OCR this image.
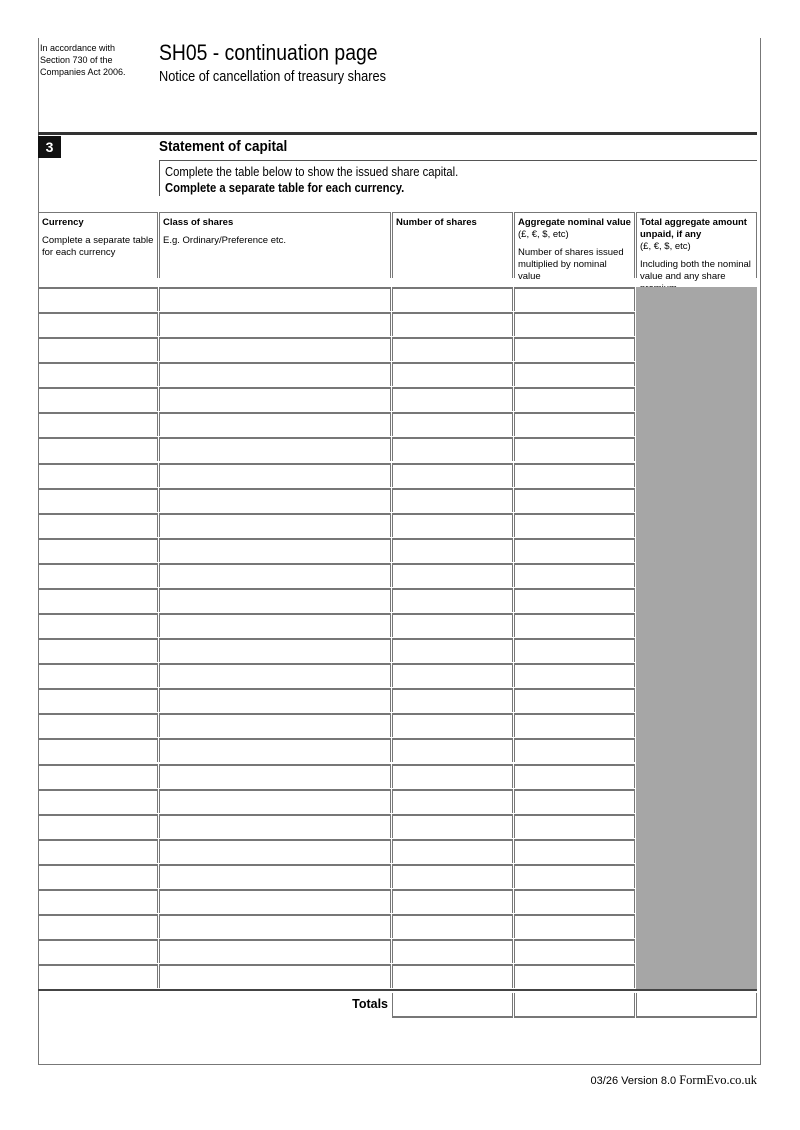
In accordance with
Section 730 of the
Companies Act 2006.
SH05 - continuation page
Notice of cancellation of treasury shares
3	Statement of capital
Complete the table below to show the issued share capital.
Complete a separate table for each currency.
Currency
Complete a separate table for each currency
Class of shares
E.g. Ordinary/Preference etc.
Number of shares	Aggregate nominal value
(£, €, $, etc)
Number of shares issued multiplied by nominal value
Total aggregate amount unpaid, if any
(£, €, $, etc)
Including both the nominal value and any share
Totals
03/26 Version 8.0 FormEvo.co.uk
